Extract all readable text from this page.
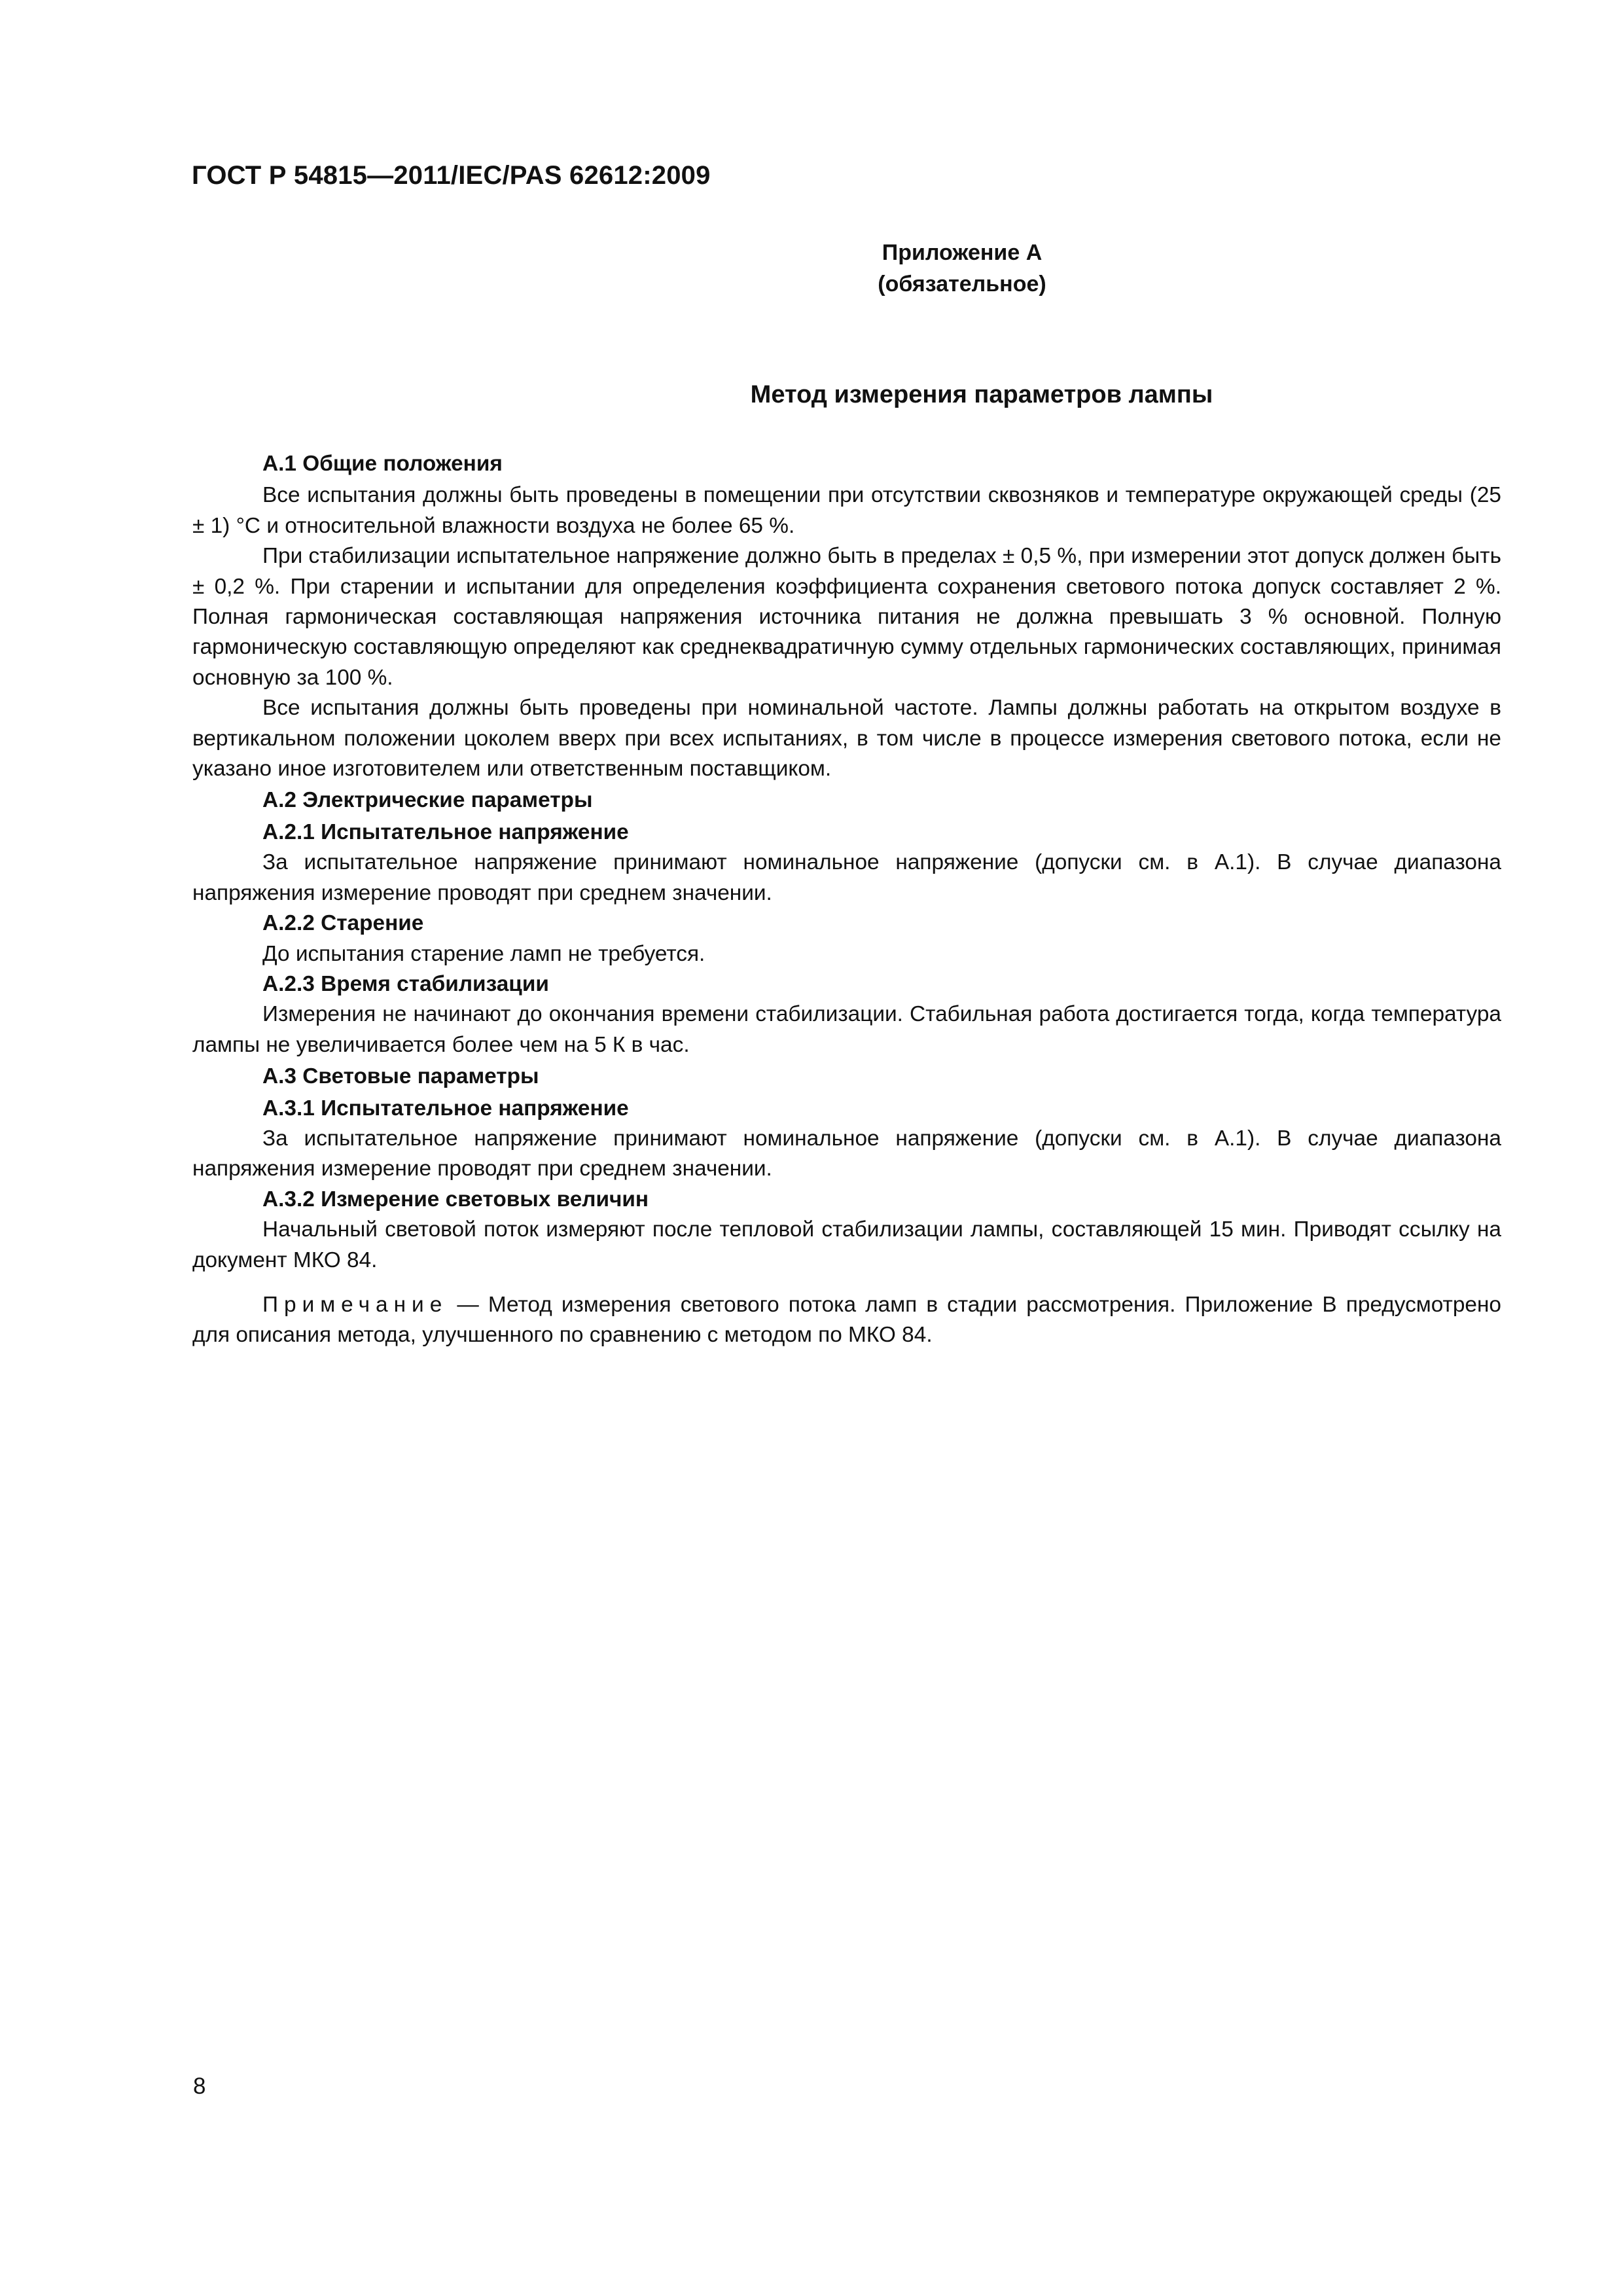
ГОСТ Р 54815—2011/IEC/PAS 62612:2009
Приложение А
(обязательное)
Метод измерения параметров лампы

А.1 Общие положения

Все испытания должны быть проведены в помещении при отсутствии сквозняков и температуре окружающей среды (25 ± 1) °С и относительной влажности воздуха не более 65 %.

При стабилизации испытательное напряжение должно быть в пределах ± 0,5 %, при измерении этот допуск должен быть ± 0,2 %. При старении и испытании для определения коэффициента сохранения светового потока допуск составляет 2 %. Полная гармоническая составляющая напряжения источника питания не должна превышать 3 % основной. Полную гармоническую составляющую определяют как среднеквадратичную сумму отдельных гармонических составляющих, принимая основную за 100 %.

Все испытания должны быть проведены при номинальной частоте. Лампы должны работать на открытом воздухе в вертикальном положении цоколем вверх при всех испытаниях, в том числе в процессе измерения светового потока, если не указано иное изготовителем или ответственным поставщиком.

А.2 Электрические параметры

А.2.1 Испытательное напряжение

За испытательное напряжение принимают номинальное напряжение (допуски см. в А.1). В случае диапазона напряжения измерение проводят при среднем значении.

А.2.2 Старение

До испытания старение ламп не требуется.

А.2.3 Время стабилизации

Измерения не начинают до окончания времени стабилизации. Стабильная работа достигается тогда, когда температура лампы не увеличивается более чем на 5 К в час.

А.3 Световые параметры

А.3.1 Испытательное напряжение

За испытательное напряжение принимают номинальное напряжение (допуски см. в А.1). В случае диапазона напряжения измерение проводят при среднем значении.

А.3.2 Измерение световых величин

Начальный световой поток измеряют после тепловой стабилизации лампы, составляющей 15 мин. Приводят ссылку на документ МКО 84.

Примечание — Метод измерения светового потока ламп в стадии рассмотрения. Приложение В предусмотрено для описания метода, улучшенного по сравнению с методом по МКО 84.

8
